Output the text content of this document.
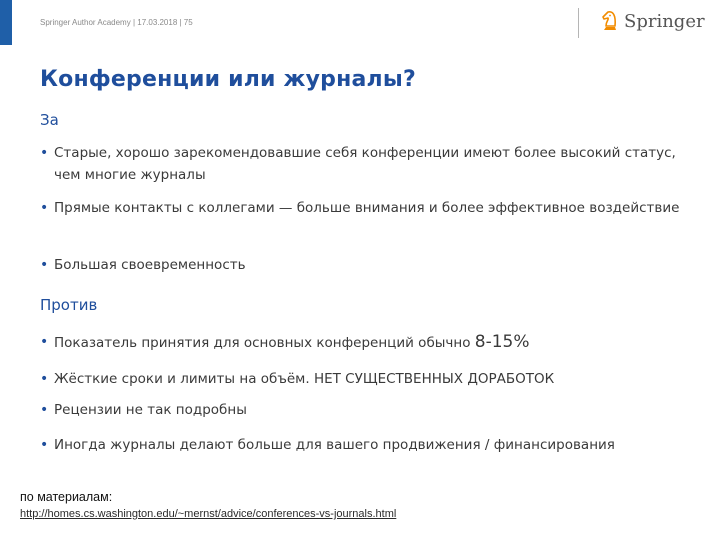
Springer Author Academy | 17.03.2018 | 75	Springer
Конференции или журналы?
За
• Старые, хорошо зарекомендовавшие себя конференции имеют более высокий статус, чем многие журналы
• Прямые контакты с коллегами — больше внимания и более эффективное воздействие
• Большая своевременность
Против
• Показатель принятия для основных конференций обычно 8-15%
• Жёсткие сроки и лимиты на объём. НЕТ СУЩЕСТВЕННЫХ ДОРАБОТОК
• Рецензии не так подробны
• Иногда журналы делают больше для вашего продвижения / финансирования
по материалам:
http://homes.cs.washington.edu/~mernst/advice/conferences-vs-journals.html
